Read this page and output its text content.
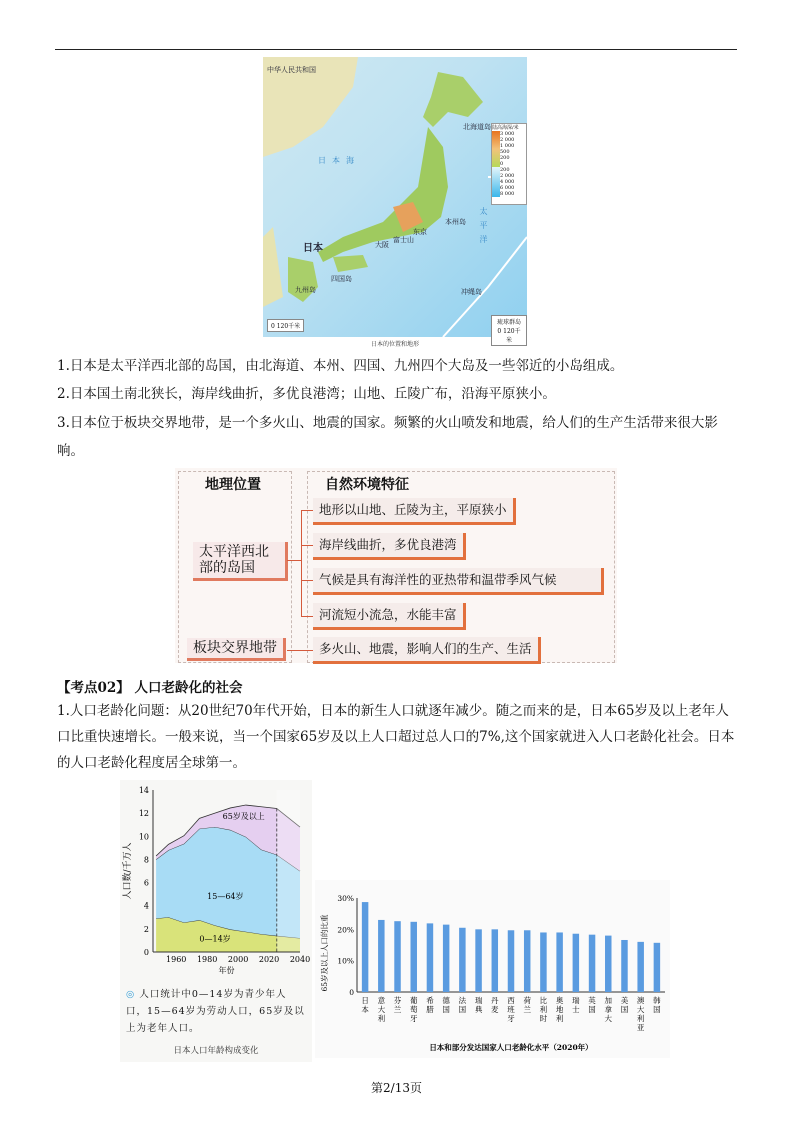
中华人民共和国
日本海
北海道岛
本州岛
四国岛
九州岛	冲绳岛
东京
大阪
富士山	太平洋
日本
陆高海深/米
3 000
2 000
1 000
500
200
0
200
2 000
4 000
6 000
8 000
0 120千米
琉球群岛
0 120千米
日本的位置和地形
1.日本是太平洋西北部的岛国，由北海道、本州、四国、九州四个大岛及一些邻近的小岛组成。
2.日本国土南北狭长，海岸线曲折，多优良港湾；山地、丘陵广布，沿海平原狭小。
3.日本位于板块交界地带，是一个多火山、地震的国家。频繁的火山喷发和地震，给人们的生产生活带来很大影响。
地理位置	自然环境特征
太平洋西北部的岛国
板块交界地带
地形以山地、丘陵为主，平原狭小
海岸线曲折，多优良港湾
气候是具有海洋性的亚热带和温带季风气候
河流短小流急，水能丰富
多火山、地震，影响人们的生产、生活
【考点02】 人口老龄化的社会
1.人口老龄化问题：从20世纪70年代开始，日本的新生人口就逐年减少。随之而来的是，日本65岁及以上老年人口比重快速增长。一般来说，当一个国家65岁及以上人口超过总人口的7%,这个国家就进入人口老龄化社会。日本的人口老龄化程度居全球第一。
0
2
4
6
8
10
12
14
1960 1980 2000 2020 2040
年份
人口数/千万人
0—14岁
15—64岁
65岁及以上
◎ 人口统计中0—14岁为青少年人口，15—64岁为劳动人口，65岁及以上为老年人口。
日本人口年龄构成变化
0
10%
20%
30%
日本
意大利
芬兰
葡萄牙
希腊
德国
法国
瑞典
丹麦
西班牙
荷兰
比利时
奥地利
瑞士
英国
加拿大
美国
澳大利亚
韩国
65岁及以上人口的比重
日本和部分发达国家人口老龄化水平（2020年）
第2/13页
